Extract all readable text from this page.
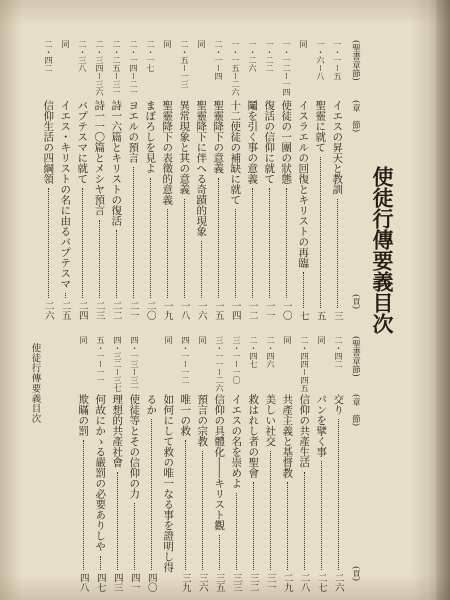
使徒行傳要義目次
使徒行傳要義目次
(聖書章節)
(章　節)
(頁)
一・一ー五
イエスの昇天と教訓
三
一・六ー八
聖靈に就て
五
同
イスラエルの回復とキリストの再臨
七
一・一二ー一四
使徒の一團の狀態
一〇
一・二二
復活の信仰に就て
一一
一・二六
鬮を引く事の意義
一二
一・一五ー二六
十二使徒の補缺に就て
一四
二・一ー四
聖靈降下の意義
一五
同
聖靈降下に伴へる奇蹟的現象
一六
二・五ー一三
異常現象と其の意義
一八
同
聖靈降下の表徵的意義
一九
二・一七
まぼろしを見よ
二〇
二・一四ー二一
ヨエルの預言
二一
二・二五ー三一
詩一六篇とキリストの復活
二二
二・三四ー三六
詩一一〇篇とメシヤ預言
二三
二・三八
バプテスマに就て
二四
同
イエス・キリストの名に由るバプテスマ
二五
二・四二
信仰生活の四綱領
二六
(聖書章節)
(章　節)
(頁)
二・四二
交り
二六
同
パンを擘く事
二七
二・四四ー四五
信仰の共產生活
二八
同
共產主義と基督教
二九
二・四六
美しい社交
三一
二・四七
救はれし者の聖會
三二
三・一ー一〇
イエスの名を崇めよ
三三
三・一一ー二六
信仰の具體化――キリスト觀
三五
同
預言の宗教
三六
四・一ー一二
唯一の救
三九
同
如何にして救の唯一なる事を證明し得
るか
四〇
四・一三ー三一
使徒等とその信仰の力
四一
四・三二ー三七
理想的共產社會
四三
五・一ー一一
何故にかゝる嚴罰の必要ありしや
四七
同
欺瞞の罰
四八
